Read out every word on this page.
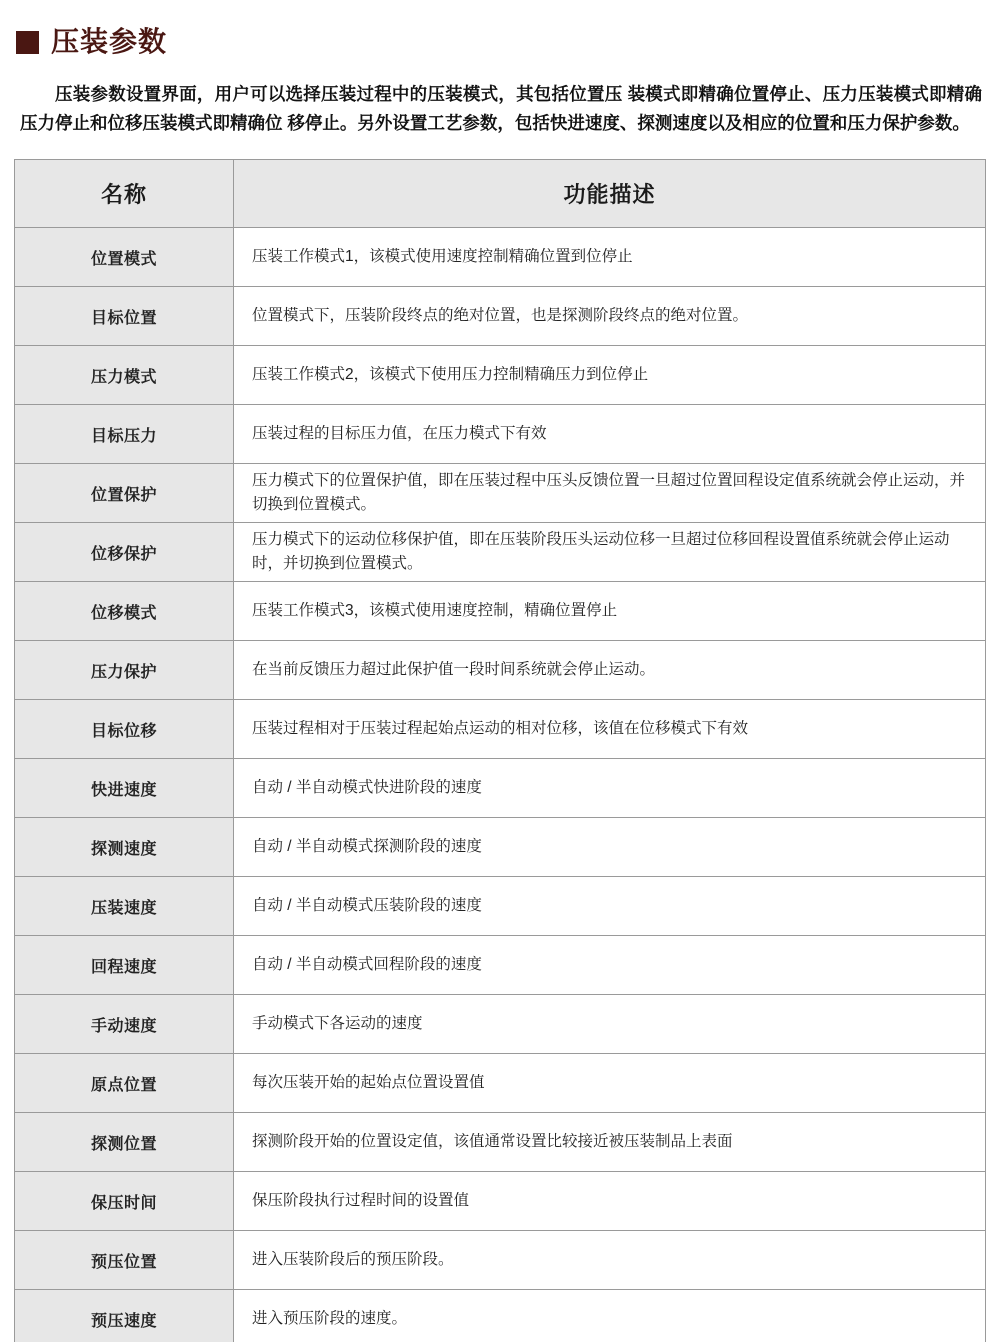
压装参数

压装参数设置界面，用户可以选择压装过程中的压装模式，其包括位置压 装模式即精确位置停止、压力压装模式即精确压力停止和位移压装模式即精确位 移停止。另外设置工艺参数，包括快进速度、探测速度以及相应的位置和压力保护参数。

名称	功能描述
位置模式	压装工作模式1，该模式使用速度控制精确位置到位停止
目标位置	位置模式下，压装阶段终点的绝对位置，也是探测阶段终点的绝对位置。
压力模式	压装工作模式2，该模式下使用压力控制精确压力到位停止
目标压力	压装过程的目标压力值，在压力模式下有效
位置保护	压力模式下的位置保护值，即在压装过程中压头反馈位置一旦超过位置回程设定值系统就会停止运动，并切换到位置模式。
位移保护	压力模式下的运动位移保护值，即在压装阶段压头运动位移一旦超过位移回程设置值系统就会停止运动时，并切换到位置模式。
位移模式	压装工作模式3，该模式使用速度控制，精确位置停止
压力保护	在当前反馈压力超过此保护值一段时间系统就会停止运动。
目标位移	压装过程相对于压装过程起始点运动的相对位移，该值在位移模式下有效
快进速度	自动 / 半自动模式快进阶段的速度
探测速度	自动 / 半自动模式探测阶段的速度
压装速度	自动 / 半自动模式压装阶段的速度
回程速度	自动 / 半自动模式回程阶段的速度
手动速度	手动模式下各运动的速度
原点位置	每次压装开始的起始点位置设置值
探测位置	探测阶段开始的位置设定值，该值通常设置比较接近被压装制品上表面
保压时间	保压阶段执行过程时间的设置值
预压位置	进入压装阶段后的预压阶段。
预压速度	进入预压阶段的速度。
